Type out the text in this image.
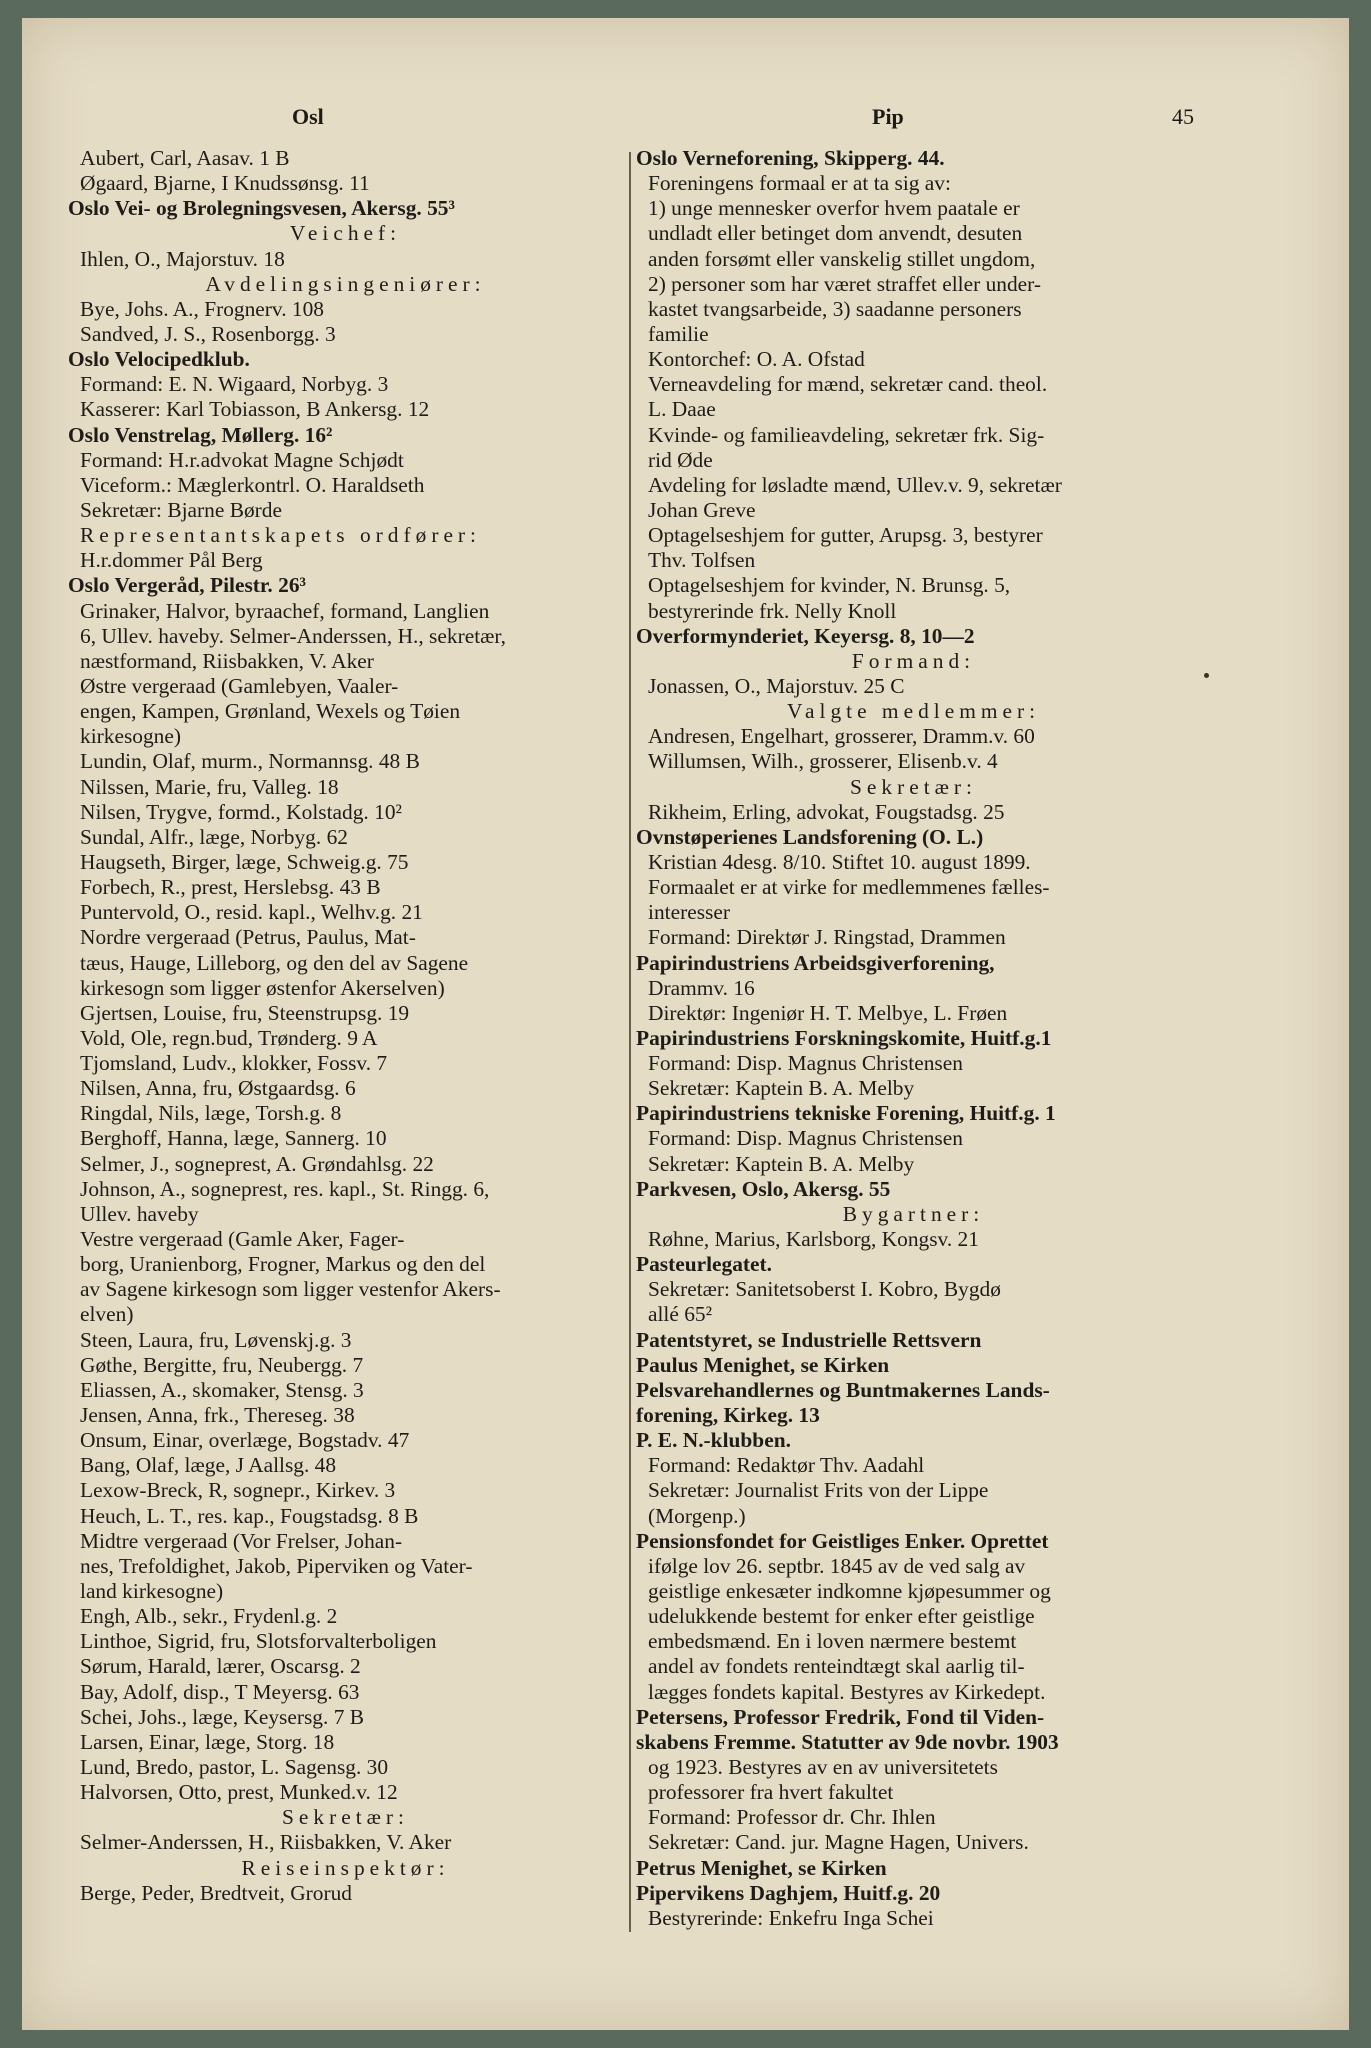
Osl	Pip	45
Aubert, Carl, Aasav. 1 B
Øgaard, Bjarne, I Knudssønsg. 11
Oslo Vei- og Brolegningsvesen, Akersg. 55³
Veichef:
Ihlen, O., Majorstuv. 18
Avdelingsingeniører:
Bye, Johs. A., Frognerv. 108
Sandved, J. S., Rosenborgg. 3
Oslo Velocipedklub.
Formand: E. N. Wigaard, Norbyg. 3
Kasserer: Karl Tobiasson, B Ankersg. 12
Oslo Venstrelag, Møllerg. 16²
Formand: H.r.advokat Magne Schjødt
Viceform.: Mæglerkontrl. O. Haraldseth
Sekretær: Bjarne Børde
Representantskapets ordfører:
H.r.dommer Pål Berg
Oslo Vergeråd, Pilestr. 26³
Grinaker, Halvor, byraachef, formand, Langlien
6, Ullev. haveby. Selmer-Anderssen, H., sekretær,
næstformand, Riisbakken, V. Aker
Østre vergeraad (Gamlebyen, Vaaler-
engen, Kampen, Grønland, Wexels og Tøien
kirkesogne)
Lundin, Olaf, murm., Normannsg. 48 B
Nilssen, Marie, fru, Valleg. 18
Nilsen, Trygve, formd., Kolstadg. 10²
Sundal, Alfr., læge, Norbyg. 62
Haugseth, Birger, læge, Schweig.g. 75
Forbech, R., prest, Herslebsg. 43 B
Puntervold, O., resid. kapl., Welhv.g. 21
Nordre vergeraad (Petrus, Paulus, Mat-
tæus, Hauge, Lilleborg, og den del av Sagene
kirkesogn som ligger østenfor Akerselven)
Gjertsen, Louise, fru, Steenstrupsg. 19
Vold, Ole, regn.bud, Trønderg. 9 A
Tjomsland, Ludv., klokker, Fossv. 7
Nilsen, Anna, fru, Østgaardsg. 6
Ringdal, Nils, læge, Torsh.g. 8
Berghoff, Hanna, læge, Sannerg. 10
Selmer, J., sogneprest, A. Grøndahlsg. 22
Johnson, A., sogneprest, res. kapl., St. Ringg. 6,
Ullev. haveby
Vestre vergeraad (Gamle Aker, Fager-
borg, Uranienborg, Frogner, Markus og den del
av Sagene kirkesogn som ligger vestenfor Akers-
elven)
Steen, Laura, fru, Løvenskj.g. 3
Gøthe, Bergitte, fru, Neubergg. 7
Eliassen, A., skomaker, Stensg. 3
Jensen, Anna, frk., Thereseg. 38
Onsum, Einar, overlæge, Bogstadv. 47
Bang, Olaf, læge, J Aallsg. 48
Lexow-Breck, R, sognepr., Kirkev. 3
Heuch, L. T., res. kap., Fougstadsg. 8 B
Midtre vergeraad (Vor Frelser, Johan-
nes, Trefoldighet, Jakob, Piperviken og Vater-
land kirkesogne)
Engh, Alb., sekr., Frydenl.g. 2
Linthoe, Sigrid, fru, Slotsforvalterboligen
Sørum, Harald, lærer, Oscarsg. 2
Bay, Adolf, disp., T Meyersg. 63
Schei, Johs., læge, Keysersg. 7 B
Larsen, Einar, læge, Storg. 18
Lund, Bredo, pastor, L. Sagensg. 30
Halvorsen, Otto, prest, Munked.v. 12
Sekretær:
Selmer-Anderssen, H., Riisbakken, V. Aker
Reiseinspektør:
Berge, Peder, Bredtveit, Grorud
Oslo Verneforening, Skipperg. 44.
Foreningens formaal er at ta sig av:
1) unge mennesker overfor hvem paatale er
undladt eller betinget dom anvendt, desuten
anden forsømt eller vanskelig stillet ungdom,
2) personer som har været straffet eller under-
kastet tvangsarbeide, 3) saadanne personers
familie
Kontorchef: O. A. Ofstad
Verneavdeling for mænd, sekretær cand. theol.
L. Daae
Kvinde- og familieavdeling, sekretær frk. Sig-
rid Øde
Avdeling for løsladte mænd, Ullev.v. 9, sekretær
Johan Greve
Optagelseshjem for gutter, Arupsg. 3, bestyrer
Thv. Tolfsen
Optagelseshjem for kvinder, N. Brunsg. 5,
bestyrerinde frk. Nelly Knoll
Overformynderiet, Keyersg. 8, 10—2
Formand:
Jonassen, O., Majorstuv. 25 C
Valgte medlemmer:
Andresen, Engelhart, grosserer, Dramm.v. 60
Willumsen, Wilh., grosserer, Elisenb.v. 4
Sekretær:
Rikheim, Erling, advokat, Fougstadsg. 25
Ovnstøperienes Landsforening (O. L.)
Kristian 4desg. 8/10. Stiftet 10. august 1899.
Formaalet er at virke for medlemmenes fælles-
interesser
Formand: Direktør J. Ringstad, Drammen
Papirindustriens Arbeidsgiverforening,
Drammv. 16
Direktør: Ingeniør H. T. Melbye, L. Frøen
Papirindustriens Forskningskomite, Huitf.g.1
Formand: Disp. Magnus Christensen
Sekretær: Kaptein B. A. Melby
Papirindustriens tekniske Forening, Huitf.g. 1
Formand: Disp. Magnus Christensen
Sekretær: Kaptein B. A. Melby
Parkvesen, Oslo, Akersg. 55
Bygartner:
Røhne, Marius, Karlsborg, Kongsv. 21
Pasteurlegatet.
Sekretær: Sanitetsoberst I. Kobro, Bygdø
allé 65²
Patentstyret, se Industrielle Rettsvern
Paulus Menighet, se Kirken
Pelsvarehandlernes og Buntmakernes Lands-
forening, Kirkeg. 13
P. E. N.-klubben.
Formand: Redaktør Thv. Aadahl
Sekretær: Journalist Frits von der Lippe
(Morgenp.)
Pensionsfondet for Geistliges Enker. Oprettet
ifølge lov 26. septbr. 1845 av de ved salg av
geistlige enkesæter indkomne kjøpesummer og
udelukkende bestemt for enker efter geistlige
embedsmænd. En i loven nærmere bestemt
andel av fondets renteindtægt skal aarlig til-
lægges fondets kapital. Bestyres av Kirkedept.
Petersens, Professor Fredrik, Fond til Viden-
skabens Fremme. Statutter av 9de novbr. 1903
og 1923. Bestyres av en av universitetets
professorer fra hvert fakultet
Formand: Professor dr. Chr. Ihlen
Sekretær: Cand. jur. Magne Hagen, Univers.
Petrus Menighet, se Kirken
Pipervikens Daghjem, Huitf.g. 20
Bestyrerinde: Enkefru Inga Schei
